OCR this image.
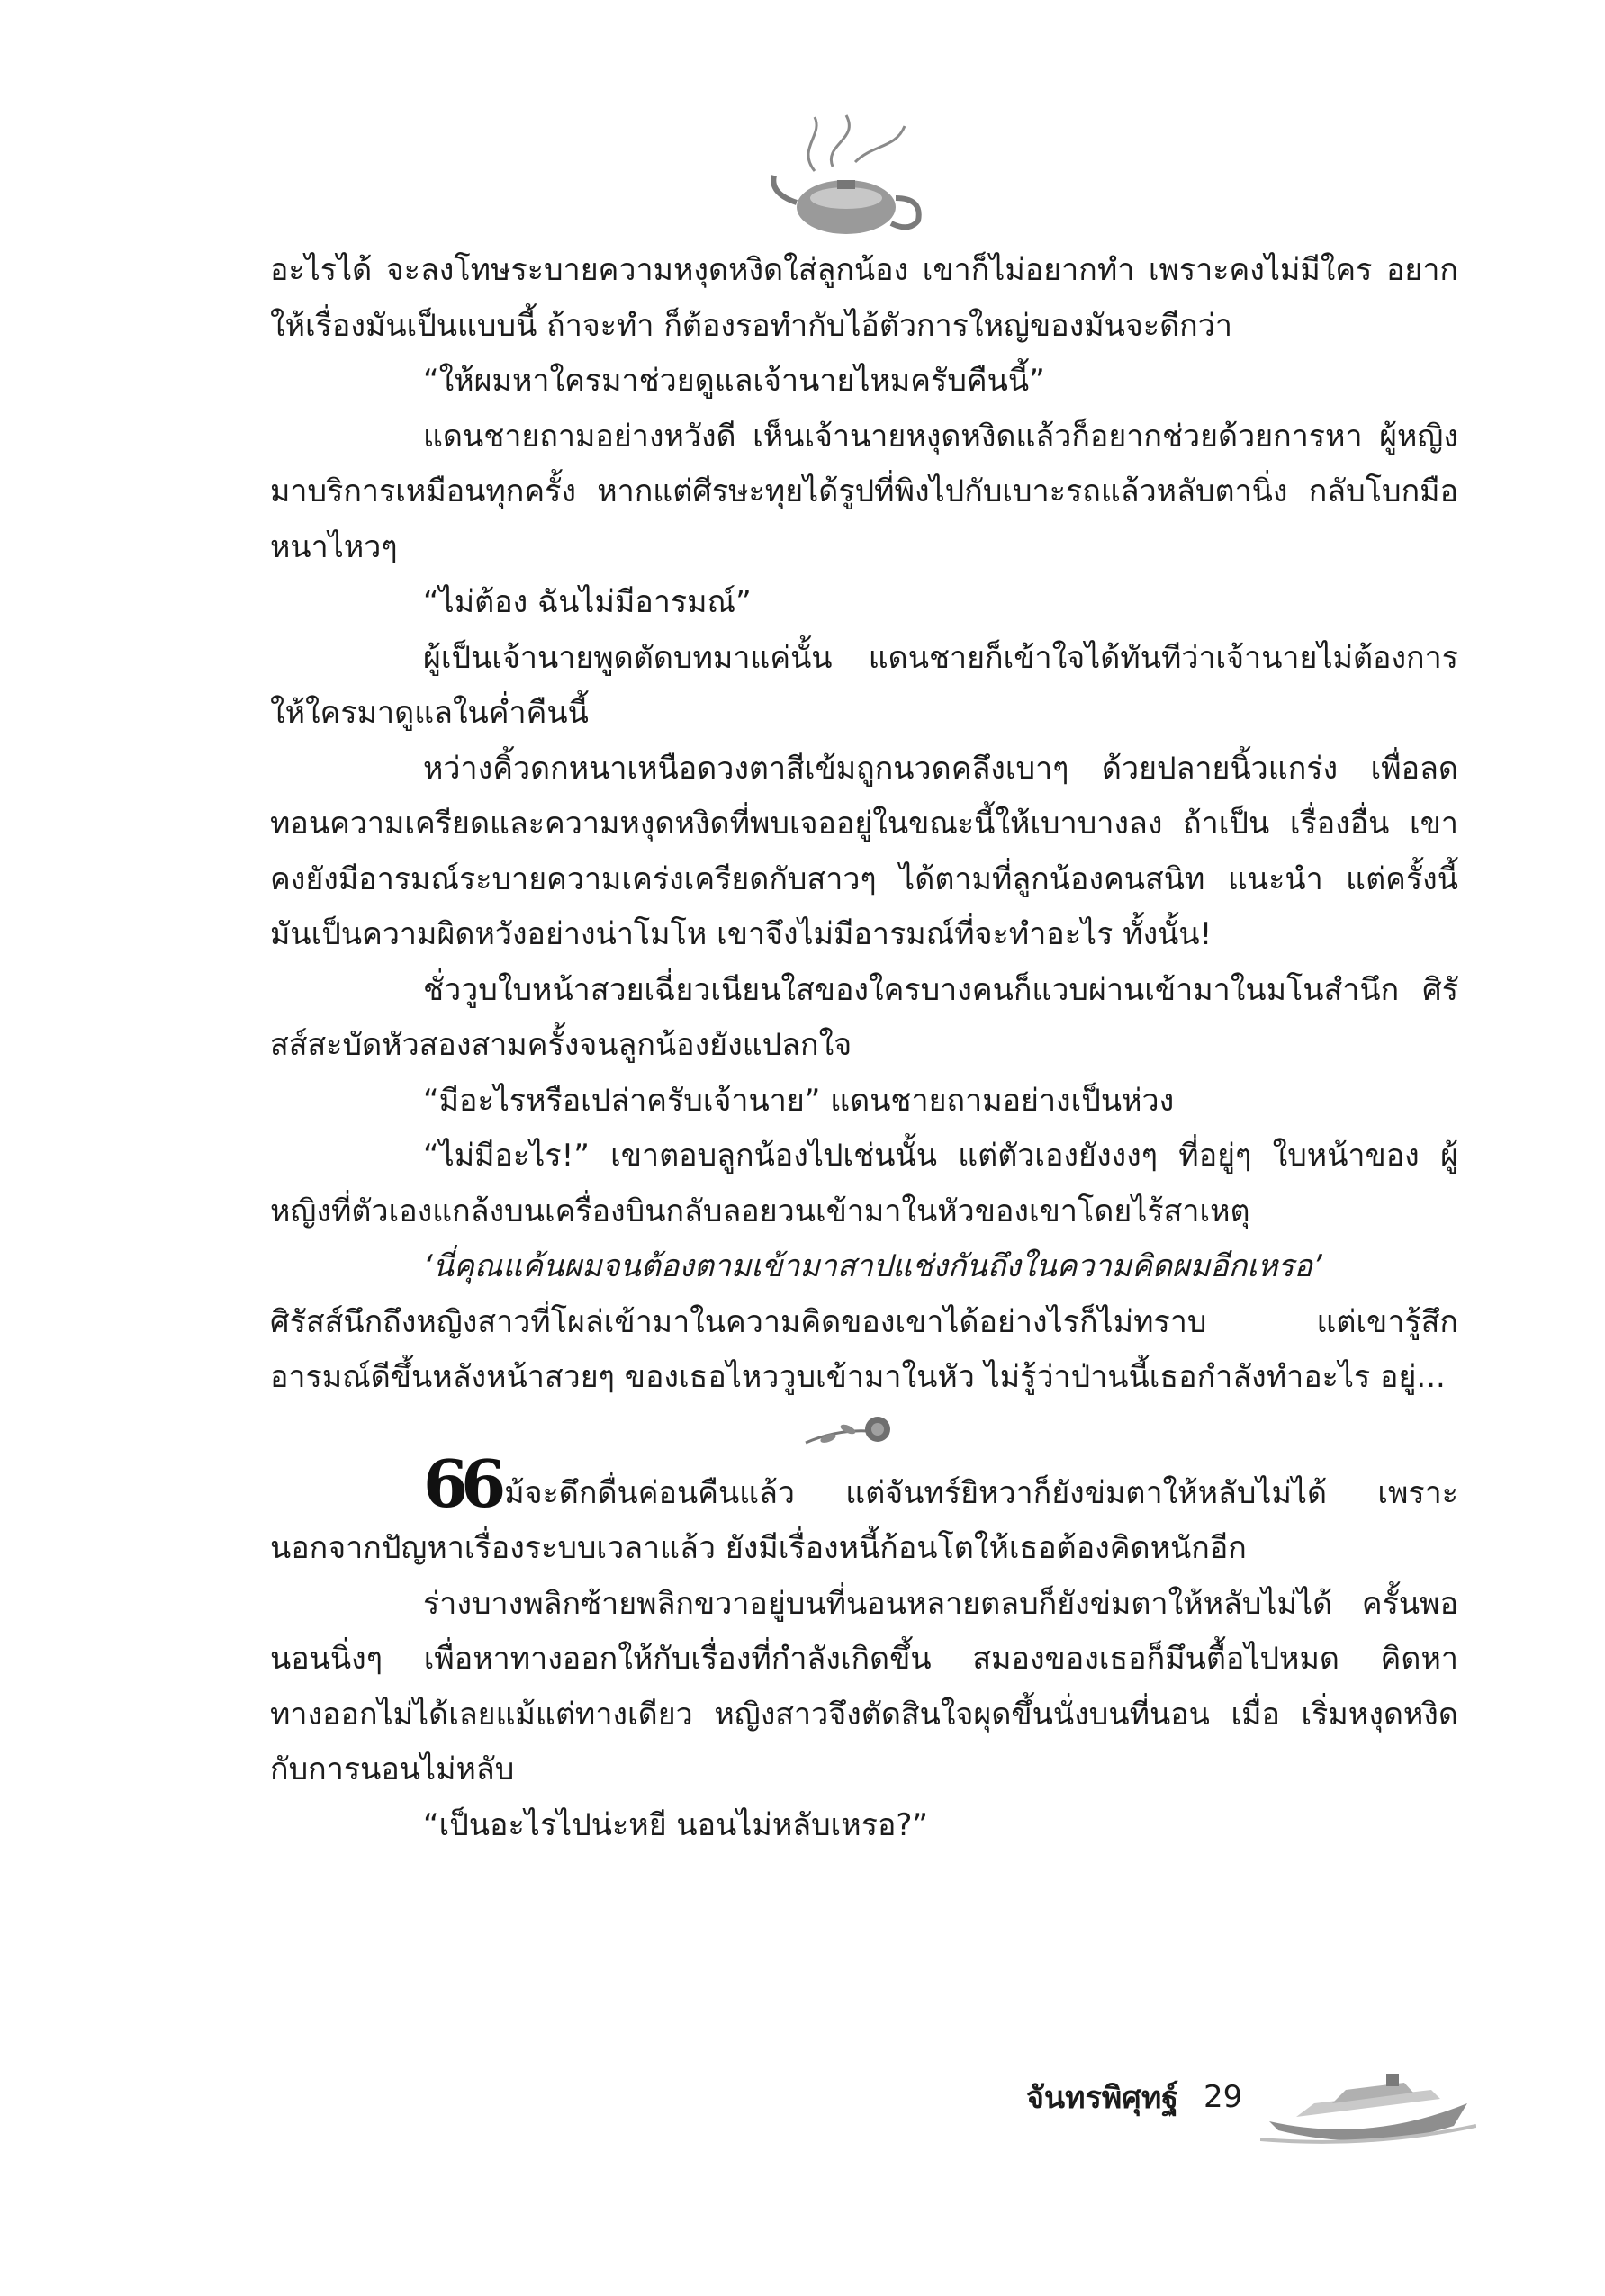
อะไรได้ จะลงโทษระบายความหงุดหงิดใส่ลูกน้อง เขาก็ไม่อยากทำ เพราะคงไม่มีใคร อยากให้เรื่องมันเป็นแบบนี้ ถ้าจะทำ ก็ต้องรอทำกับไอ้ตัวการใหญ่ของมันจะดีกว่า

“ให้ผมหาใครมาช่วยดูแลเจ้านายไหมครับคืนนี้”

แดนชายถามอย่างหวังดี เห็นเจ้านายหงุดหงิดแล้วก็อยากช่วยด้วยการหา ผู้หญิงมาบริการเหมือนทุกครั้ง หากแต่ศีรษะทุยได้รูปที่พิงไปกับเบาะรถแล้วหลับตานิ่ง กลับโบกมือหนาไหวๆ

“ไม่ต้อง ฉันไม่มีอารมณ์”

ผู้เป็นเจ้านายพูดตัดบทมาแค่นั้น แดนชายก็เข้าใจได้ทันทีว่าเจ้านายไม่ต้องการ ให้ใครมาดูแลในค่ำคืนนี้

หว่างคิ้วดกหนาเหนือดวงตาสีเข้มถูกนวดคลึงเบาๆ ด้วยปลายนิ้วแกร่ง เพื่อลดทอนความเครียดและความหงุดหงิดที่พบเจออยู่ในขณะนี้ให้เบาบางลง ถ้าเป็น เรื่องอื่น เขาคงยังมีอารมณ์ระบายความเคร่งเครียดกับสาวๆ ได้ตามที่ลูกน้องคนสนิท แนะนำ แต่ครั้งนี้มันเป็นความผิดหวังอย่างน่าโมโห เขาจึงไม่มีอารมณ์ที่จะทำอะไร ทั้งนั้น!

ชั่ววูบใบหน้าสวยเฉี่ยวเนียนใสของใครบางคนก็แวบผ่านเข้ามาในมโนสำนึก ศิรัสส์สะบัดหัวสองสามครั้งจนลูกน้องยังแปลกใจ

“มีอะไรหรือเปล่าครับเจ้านาย” แดนชายถามอย่างเป็นห่วง

“ไม่มีอะไร!” เขาตอบลูกน้องไปเช่นนั้น แต่ตัวเองยังงงๆ ที่อยู่ๆ ใบหน้าของ ผู้หญิงที่ตัวเองแกล้งบนเครื่องบินกลับลอยวนเข้ามาในหัวของเขาโดยไร้สาเหตุ

‘นี่คุณแค้นผมจนต้องตามเข้ามาสาปแช่งกันถึงในความคิดผมอีกเหรอ’

ศิรัสส์นึกถึงหญิงสาวที่โผล่เข้ามาในความคิดของเขาได้อย่างไรก็ไม่ทราบ แต่เขารู้สึก อารมณ์ดีขึ้นหลังหน้าสวยๆ ของเธอไหววูบเข้ามาในหัว ไม่รู้ว่าป่านนี้เธอกำลังทำอะไร อยู่...

66 ม้จะดึกดื่นค่อนคืนแล้ว แต่จันทร์ยิหวาก็ยังข่มตาให้หลับไม่ได้ เพราะ นอกจากปัญหาเรื่องระบบเวลาแล้ว ยังมีเรื่องหนี้ก้อนโตให้เธอต้องคิดหนักอีก

ร่างบางพลิกซ้ายพลิกขวาอยู่บนที่นอนหลายตลบก็ยังข่มตาให้หลับไม่ได้ ครั้นพอนอนนิ่งๆ เพื่อหาทางออกให้กับเรื่องที่กำลังเกิดขึ้น สมองของเธอก็มึนตื้อไปหมด คิดหาทางออกไม่ได้เลยแม้แต่ทางเดียว หญิงสาวจึงตัดสินใจผุดขึ้นนั่งบนที่นอน เมื่อ เริ่มหงุดหงิดกับการนอนไม่หลับ

“เป็นอะไรไปน่ะหยี นอนไม่หลับเหรอ?”

จันทรพิศุทฐ์ 29
